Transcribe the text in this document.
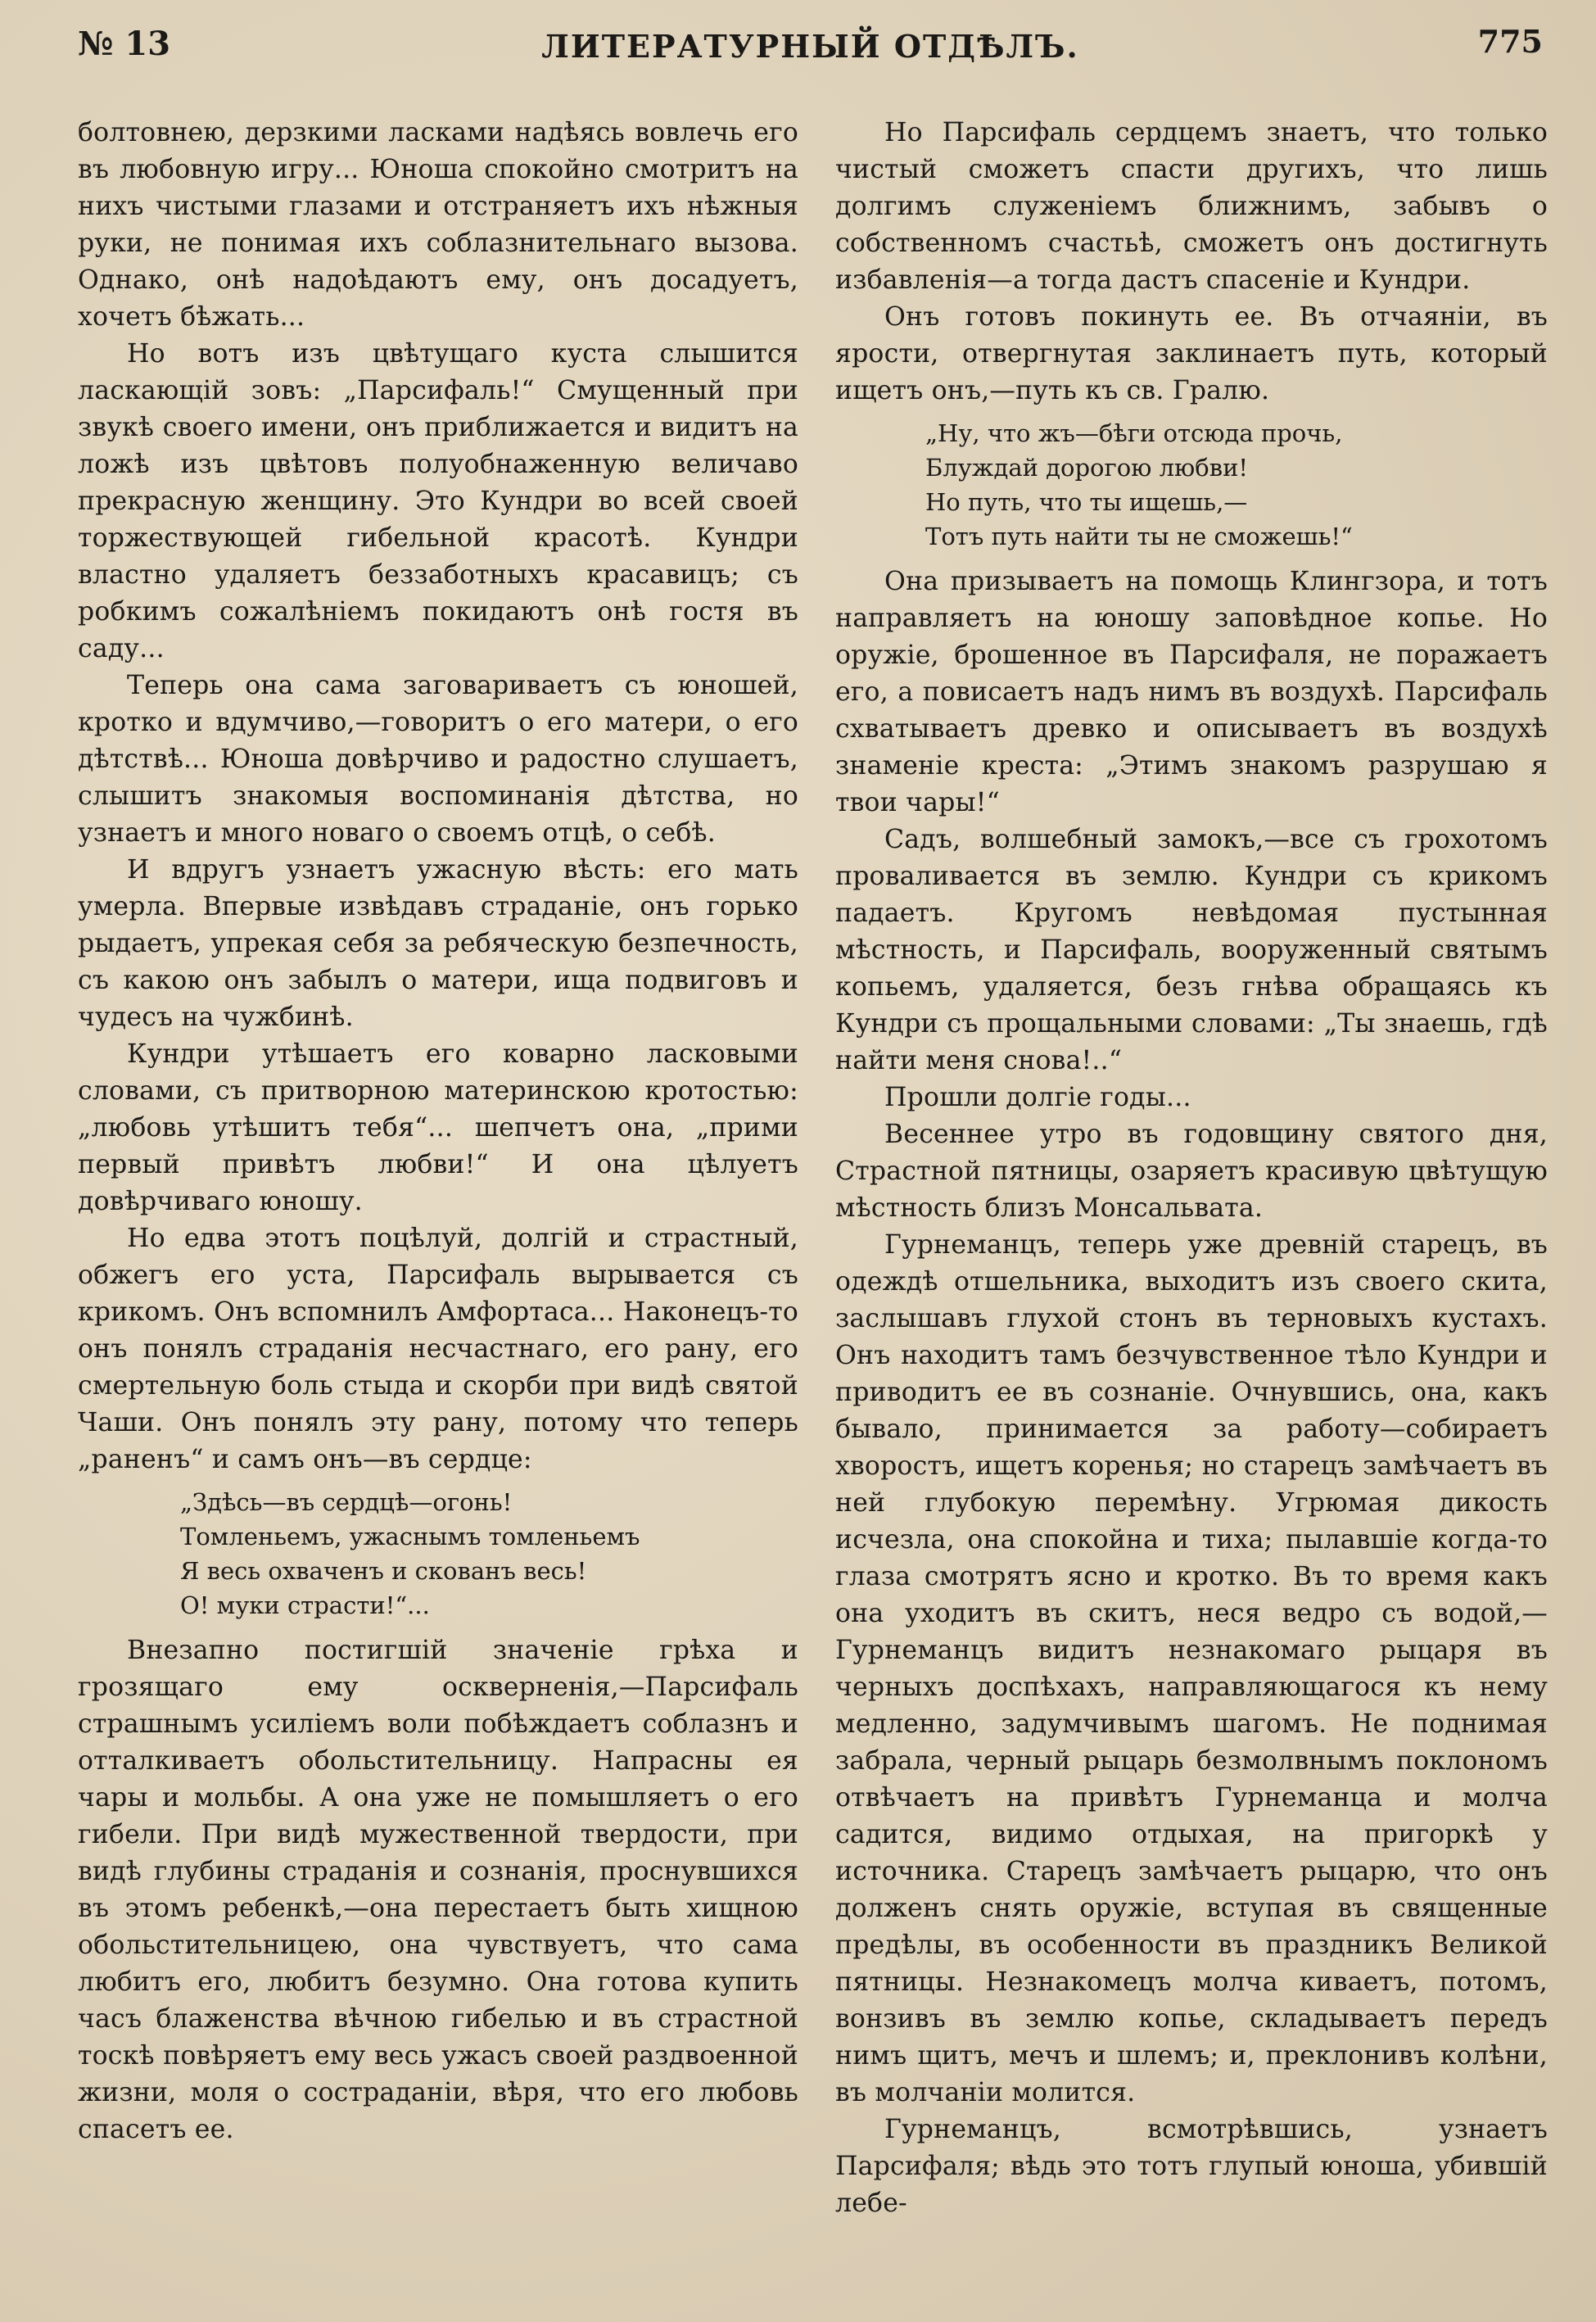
№ 13	ЛИТЕРАТУРНЫЙ ОТДѢЛЪ.	775

болтовнею, дерзкими ласками надѣясь вовлечь его въ любовную игру... Юноша спокойно смотритъ на нихъ чистыми глазами и отстраняетъ ихъ нѣжныя руки, не понимая ихъ соблазнительнаго вызова. Однако, онѣ надоѣдаютъ ему, онъ досадуетъ, хочетъ бѣжать...

Но вотъ изъ цвѣтущаго куста слышится ласкающій зовъ: „Парсифаль!“ Смущенный при звукѣ своего имени, онъ приближается и видитъ на ложѣ изъ цвѣтовъ полуобнаженную величаво прекрасную женщину. Это Кундри во всей своей торжествующей гибельной красотѣ. Кундри властно удаляетъ беззаботныхъ красавицъ; съ робкимъ сожалѣніемъ покидаютъ онѣ гостя въ саду...

Теперь она сама заговариваетъ съ юношей, кротко и вдумчиво,—говоритъ о его матери, о его дѣтствѣ... Юноша довѣрчиво и радостно слушаетъ, слышитъ знакомыя воспоминанія дѣтства, но узнаетъ и много новаго о своемъ отцѣ, о себѣ.

И вдругъ узнаетъ ужасную вѣсть: его мать умерла. Впервые извѣдавъ страданіе, онъ горько рыдаетъ, упрекая себя за ребяческую безпечность, съ какою онъ забылъ о матери, ища подвиговъ и чудесъ на чужбинѣ.

Кундри утѣшаетъ его коварно ласковыми словами, съ притворною материнскою кротостью: „любовь утѣшитъ тебя“... шепчетъ она, „прими первый привѣтъ любви!“ И она цѣлуетъ довѣрчиваго юношу.

Но едва этотъ поцѣлуй, долгій и страстный, обжегъ его уста, Парсифаль вырывается съ крикомъ. Онъ вспомнилъ Амфортаса... Наконецъ-то онъ понялъ страданія несчастнаго, его рану, его смертельную боль стыда и скорби при видѣ святой Чаши. Онъ понялъ эту рану, потому что теперь „раненъ“ и самъ онъ—въ сердце:

„Здѣсь—въ сердцѣ—огонь!
Томленьемъ, ужаснымъ томленьемъ
Я весь охваченъ и скованъ весь!
О! муки страсти!“...

Внезапно постигшій значеніе грѣха и грозящаго ему оскверненія,—Парсифаль страшнымъ усиліемъ воли побѣждаетъ соблазнъ и отталкиваетъ обольстительницу. Напрасны ея чары и мольбы. А она уже не помышляетъ о его гибели. При видѣ мужественной твердости, при видѣ глубины страданія и сознанія, проснувшихся въ этомъ ребенкѣ,—она перестаетъ быть хищною обольстительницею, она чувствуетъ, что сама любитъ его, любитъ безумно. Она готова купить часъ блаженства вѣчною гибелью и въ страстной тоскѣ повѣряетъ ему весь ужасъ своей раздвоенной жизни, моля о состраданіи, вѣря, что его любовь спасетъ ее.

Но Парсифаль сердцемъ знаетъ, что только чистый сможетъ спасти другихъ, что лишь долгимъ служеніемъ ближнимъ, забывъ о собственномъ счастьѣ, сможетъ онъ достигнуть избавленія—а тогда дастъ спасеніе и Кундри.

Онъ готовъ покинуть ее. Въ отчаяніи, въ ярости, отвергнутая заклинаетъ путь, который ищетъ онъ,—путь къ св. Гралю.

„Ну, что жъ—бѣги отсюда прочь,
Блуждай дорогою любви!
Но путь, что ты ищешь,—
Тотъ путь найти ты не сможешь!“

Она призываетъ на помощь Клингзора, и тотъ направляетъ на юношу заповѣдное копье. Но оружіе, брошенное въ Парсифаля, не поражаетъ его, а повисаетъ надъ нимъ въ воздухѣ. Парсифаль схватываетъ древко и описываетъ въ воздухѣ знаменіе креста: „Этимъ знакомъ разрушаю я твои чары!“

Садъ, волшебный замокъ,—все съ грохотомъ проваливается въ землю. Кундри съ крикомъ падаетъ. Кругомъ невѣдомая пустынная мѣстность, и Парсифаль, вооруженный святымъ копьемъ, удаляется, безъ гнѣва обращаясь къ Кундри съ прощальными словами: „Ты знаешь, гдѣ найти меня снова!..“

Прошли долгіе годы...

Весеннее утро въ годовщину святого дня, Страстной пятницы, озаряетъ красивую цвѣтущую мѣстность близъ Монсальвата.

Гурнеманцъ, теперь уже древній старецъ, въ одеждѣ отшельника, выходитъ изъ своего скита, заслышавъ глухой стонъ въ терновыхъ кустахъ. Онъ находитъ тамъ безчувственное тѣло Кундри и приводитъ ее въ сознаніе. Очнувшись, она, какъ бывало, принимается за работу—собираетъ хворостъ, ищетъ коренья; но старецъ замѣчаетъ въ ней глубокую перемѣну. Угрюмая дикость исчезла, она спокойна и тиха; пылавшіе когда-то глаза смотрятъ ясно и кротко. Въ то время какъ она уходитъ въ скитъ, неся ведро съ водой,—Гурнеманцъ видитъ незнакомаго рыцаря въ черныхъ доспѣхахъ, направляющагося къ нему медленно, задумчивымъ шагомъ. Не поднимая забрала, черный рыцарь безмолвнымъ поклономъ отвѣчаетъ на привѣтъ Гурнеманца и молча садится, видимо отдыхая, на пригоркѣ у источника. Старецъ замѣчаетъ рыцарю, что онъ долженъ снять оружіе, вступая въ священные предѣлы, въ особенности въ праздникъ Великой пятницы. Незнакомецъ молча киваетъ, потомъ, вонзивъ въ землю копье, складываетъ передъ нимъ щитъ, мечъ и шлемъ; и, преклонивъ колѣни, въ молчаніи молится.

Гурнеманцъ, всмотрѣвшись, узнаетъ Парсифаля; вѣдь это тотъ глупый юноша, убившій лебе-
